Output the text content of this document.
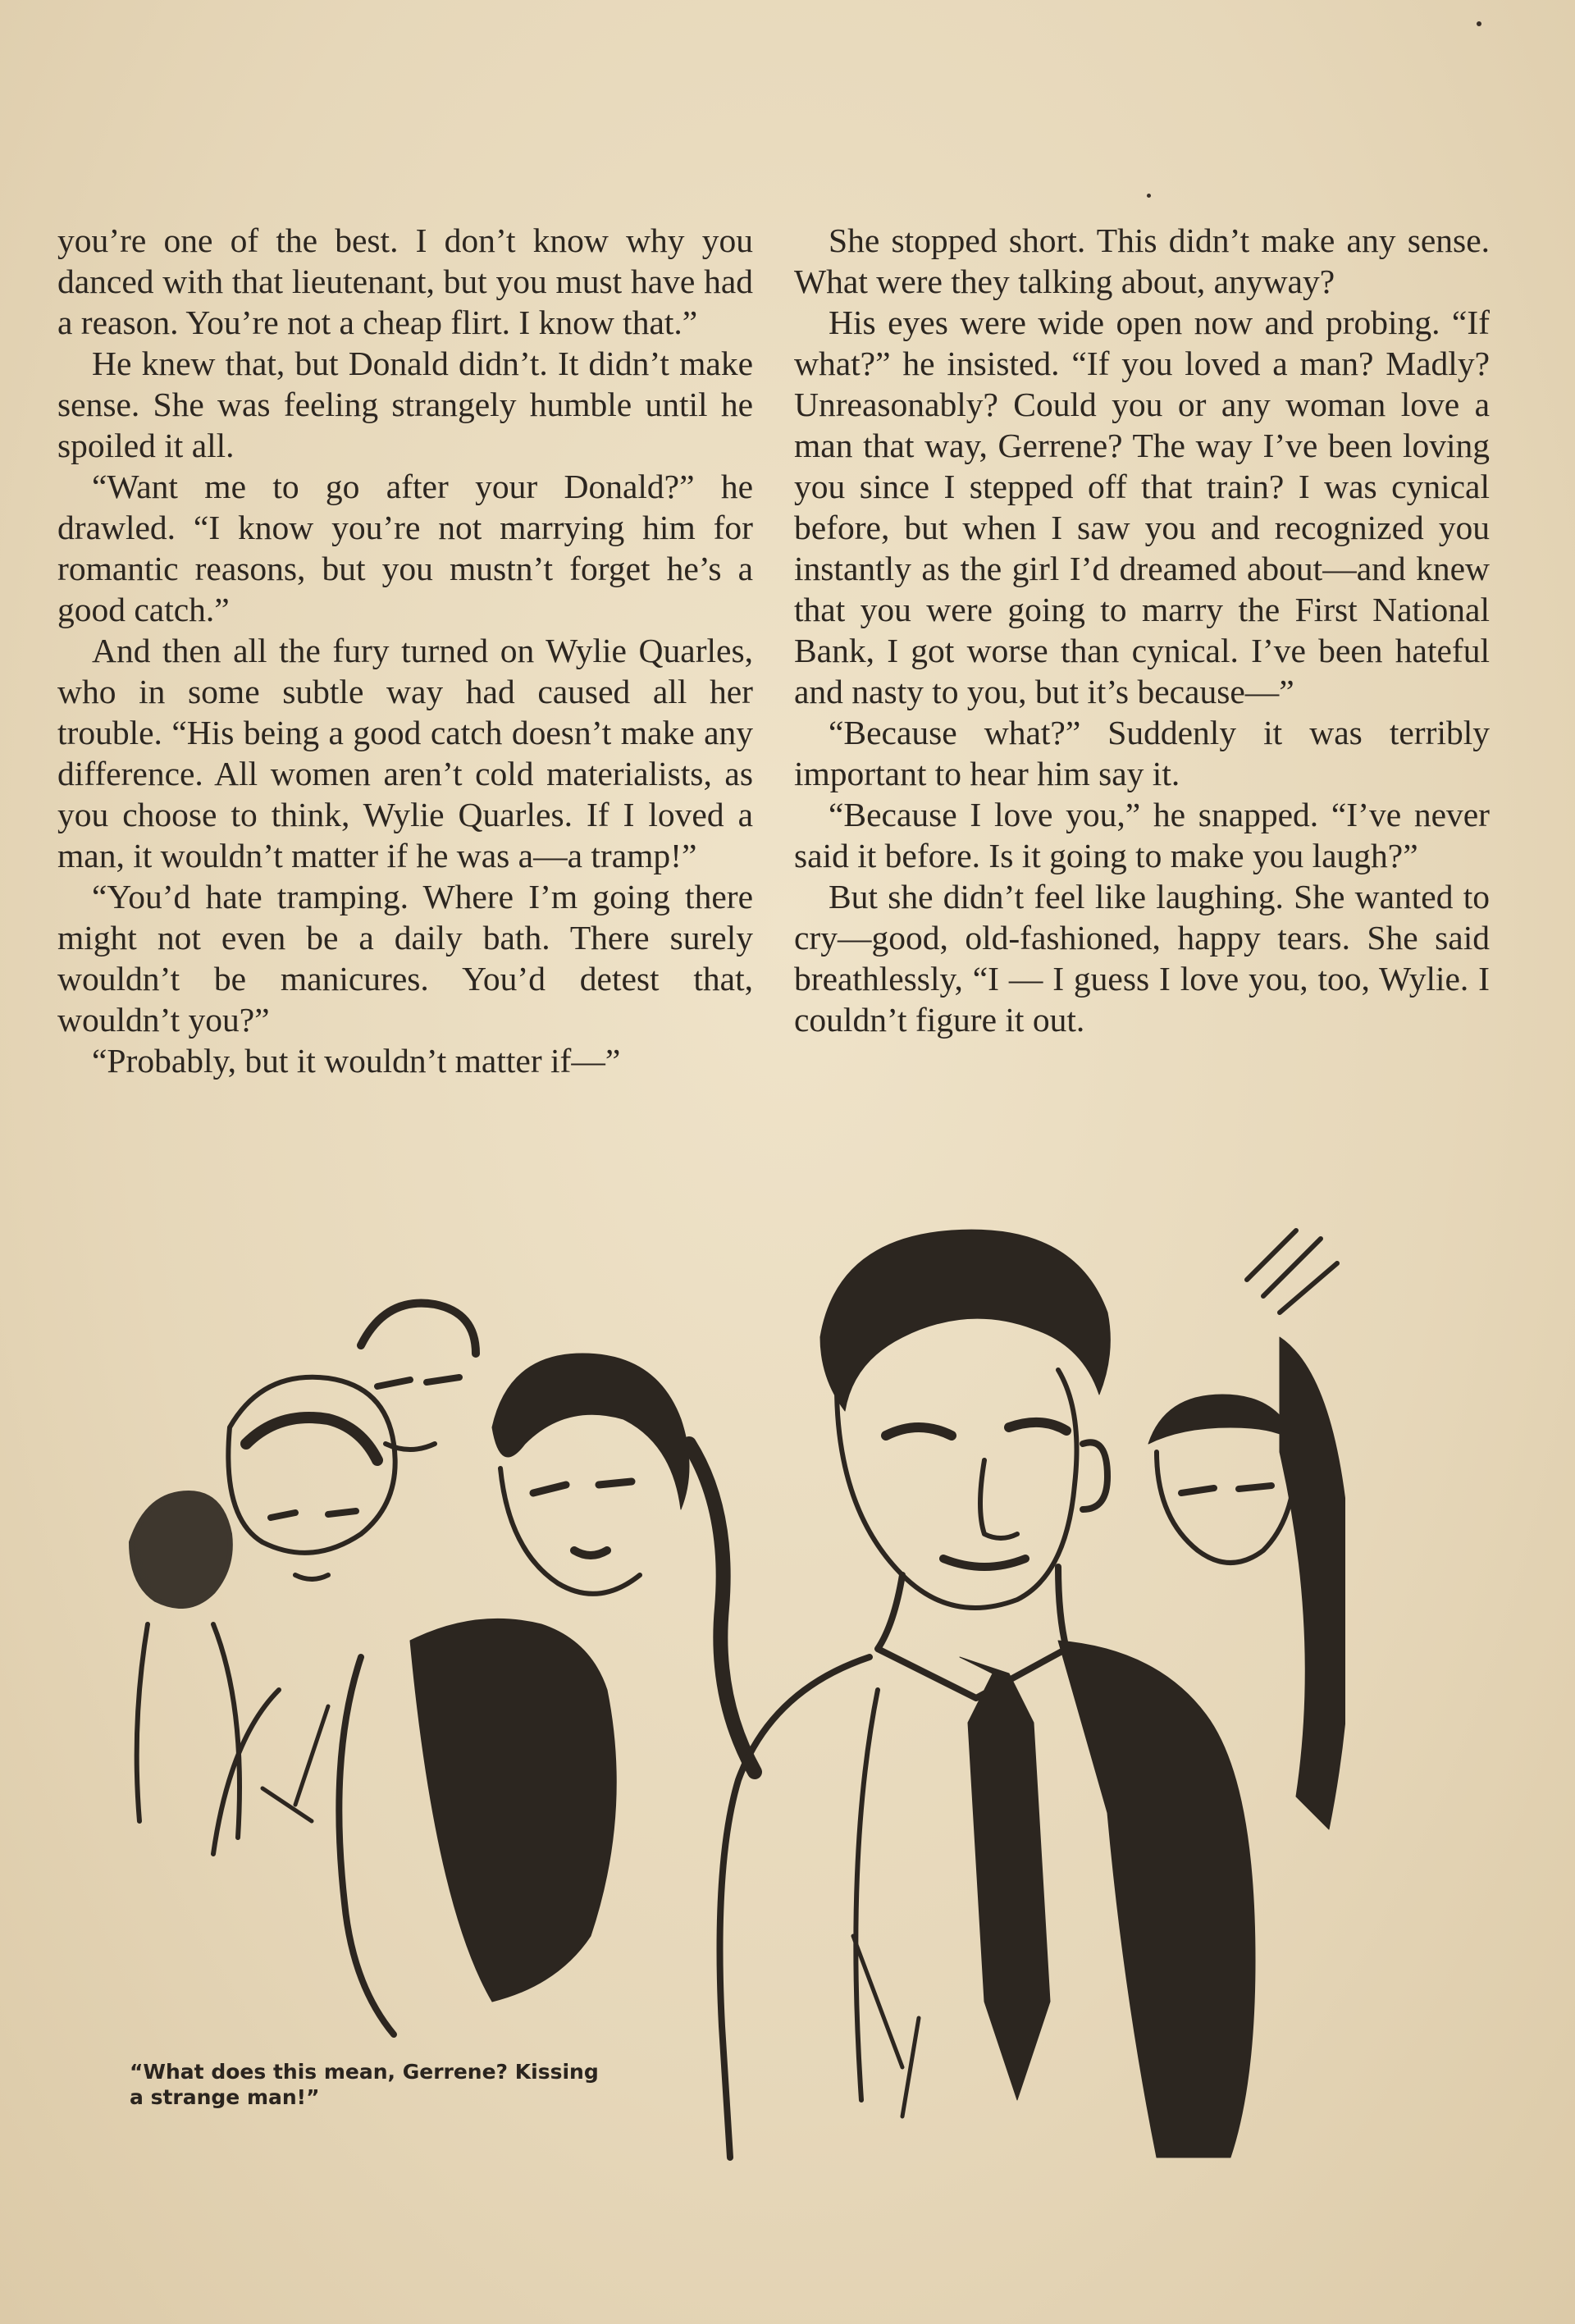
you’re one of the best. I don’t know why you danced with that lieutenant, but you must have had a reason. You’re not a cheap flirt. I know that.”

He knew that, but Donald didn’t. It didn’t make sense. She was feeling strangely humble until he spoiled it all.

“Want me to go after your Donald?” he drawled. “I know you’re not marrying him for romantic reasons, but you mustn’t forget he’s a good catch.”

And then all the fury turned on Wylie Quarles, who in some subtle way had caused all her trouble. “His being a good catch doesn’t make any difference. All women aren’t cold materialists, as you choose to think, Wylie Quarles. If I loved a man, it wouldn’t matter if he was a—a tramp!”

“You’d hate tramping. Where I’m going there might not even be a daily bath. There surely wouldn’t be manicures. You’d detest that, wouldn’t you?”

“Probably, but it wouldn’t matter if—”

She stopped short. This didn’t make any sense. What were they talking about, anyway?

His eyes were wide open now and probing. “If what?” he insisted. “If you loved a man? Madly? Unreasonably? Could you or any woman love a man that way, Gerrene? The way I’ve been loving you since I stepped off that train? I was cynical before, but when I saw you and recognized you instantly as the girl I’d dreamed about—and knew that you were going to marry the First National Bank, I got worse than cynical. I’ve been hateful and nasty to you, but it’s because—”

“Because what?” Suddenly it was terribly important to hear him say it.

“Because I love you,” he snapped. “I’ve never said it before. Is it going to make you laugh?”

But she didn’t feel like laughing. She wanted to cry—good, old-fashioned, happy tears. She said breathlessly, “I — I guess I love you, too, Wylie. I couldn’t figure it out.

“What does this mean, Gerrene? Kissing
a strange man!”
